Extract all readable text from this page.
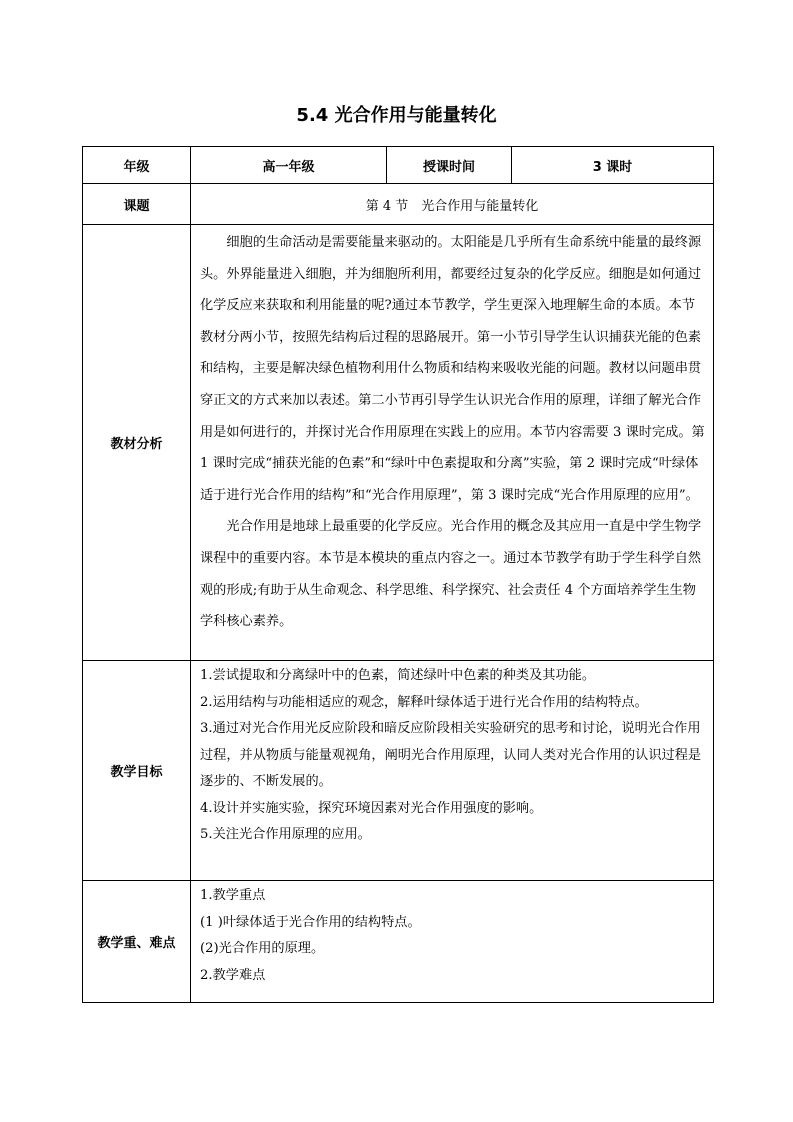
5.4 光合作用与能量转化
年级	高一年级	授课时间	3 课时
课题	第 4 节　光合作用与能量转化		
教材分析	细胞的生命活动是需要能量来驱动的。太阳能是几乎所有生命系统中能量的最终源头。外界能量进入细胞，并为细胞所利用，都要经过复杂的化学反应。细胞是如何通过化学反应来获取和利用能量的呢?通过本节教学，学生更深入地理解生命的本质。本节教材分两小节，按照先结构后过程的思路展开。第一小节引导学生认识捕获光能的色素和结构，主要是解决绿色植物利用什么物质和结构来吸收光能的问题。教材以问题串贯穿正文的方式来加以表述。第二小节再引导学生认识光合作用的原理，详细了解光合作用是如何进行的，并探讨光合作用原理在实践上的应用。本节内容需要 3 课时完成。第 1 课时完成“捕获光能的色素”和“绿叶中色素提取和分离”实验，第 2 课时完成“叶绿体适于进行光合作用的结构”和“光合作用原理”，第 3 课时完成“光合作用原理的应用”。

光合作用是地球上最重要的化学反应。光合作用的概念及其应用一直是中学生物学课程中的重要内容。本节是本模块的重点内容之一。通过本节教学有助于学生科学自然观的形成;有助于从生命观念、科学思维、科学探究、社会责任 4 个方面培养学生生物学科核心素养。		

教学目标	1.尝试提取和分离绿叶中的色素，简述绿叶中色素的种类及其功能。

2.运用结构与功能相适应的观念，解释叶绿体适于进行光合作用的结构特点。

3.通过对光合作用光反应阶段和暗反应阶段相关实验研究的思考和讨论，说明光合作用过程，并从物质与能量观视角，阐明光合作用原理，认同人类对光合作用的认识过程是逐步的、不断发展的。

4.设计并实施实验，探究环境因素对光合作用强度的影响。

5.关注光合作用原理的应用。		

教学重、难点	1.教学重点

(1 )叶绿体适于光合作用的结构特点。

(2)光合作用的原理。

2.教学难点		
